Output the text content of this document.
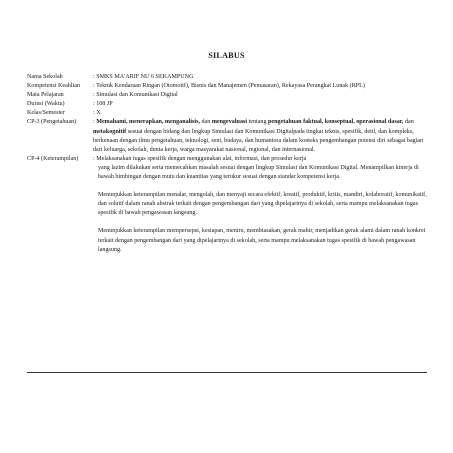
SILABUS
Nama Sekolah	: SMKS MA'ARIF NU 6 SEKAMPUNG
Kompetensi Keahlian	: Teknik Kendaraan Ringan (Otomotif), Bisnis dan Manajemen (Pemasaran), Rekayasa Perangkat Lunak (RPL)
Mata Pelajaran	: Simulasi dan Komunikasi Digital
Durasi (Waktu)	: 108 JP
Kelas/Semester	: X
CP-3 (Pengetahuan)	: Memahami, menerapkan, menganalisis, dan mengevaluasi tentang pengetahuan faktual, konseptual, operasional dasar, dan metakognitif sesuai dengan bidang dan lingkup Simulasi dan Komunikasi Digitalpada tingkat teknis, spesifik, detil, dan kompleks, berkenaan dengan ilmu pengetahuan, teknologi, seni, budaya, dan humaniora dalam konteks pengembangan potensi diri sebagai bagian dari keluarga, sekolah, dunia kerja, warga masyarakat nasional, regional, dan internasional.
CP-4 (Keterampilan)	: Melaksanakan tugas spesifik dengan menggunakan alat, informasi, dan prosedur kerja

yang lazim dilakukan serta memecahkan masalah sesuai dengan lingkup Simulasi dan Komunikasi Digital. Menampilkan kinerja di bawah bimbingan dengan mutu dan kuantitas yang terukur sesuai dengan standar kompetensi kerja.

Menunjukkan keterampilan menalar, mengolah, dan menyaji secara efektif, kreatif, produktif, kritis, mandiri, kolaboratif, komunikatif, dan solutif dalam ranah abstrak terkait dengan pengembangan dari yang dipelajarinya di sekolah, serta mampu melaksanakan tugas spesifik di bawah pengawasan langsung.

Menunjukkan keterampilan mempersepsi, kesiapan, meniru, membiasakan, gerak mahir, menjadikan gerak alami dalam ranah konkret terkait dengan pengembangan dari yang dipelajarinya di sekolah, serta mampu melaksanakan tugas spesifik di bawah pengawasan langsung.
